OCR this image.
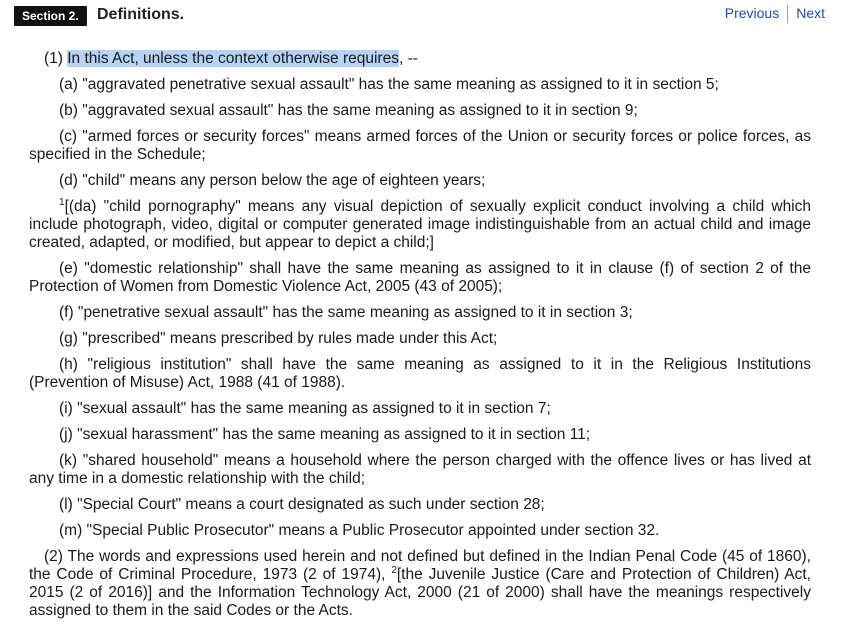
Section 2.	Definitions.	Previous Next

(1) In this Act, unless the context otherwise requires, --

(a) "aggravated penetrative sexual assault" has the same meaning as assigned to it in section 5;

(b) "aggravated sexual assault" has the same meaning as assigned to it in section 9;

(c) "armed forces or security forces" means armed forces of the Union or security forces or police forces, as specified in the Schedule;

(d) "child" means any person below the age of eighteen years;

$^1$[(da) "child pornography" means any visual depiction of sexually explicit conduct involving a child which include photograph, video, digital or computer generated image indistinguishable from an actual child and image created, adapted, or modified, but appear to depict a child;]

(e) "domestic relationship" shall have the same meaning as assigned to it in clause (f) of section 2 of the Protection of Women from Domestic Violence Act, 2005 (43 of 2005);

(f) "penetrative sexual assault" has the same meaning as assigned to it in section 3;

(g) "prescribed" means prescribed by rules made under this Act;

(h) "religious institution" shall have the same meaning as assigned to it in the Religious Institutions (Prevention of Misuse) Act, 1988 (41 of 1988).

(i) "sexual assault" has the same meaning as assigned to it in section 7;

(j) "sexual harassment" has the same meaning as assigned to it in section 11;

(k) "shared household" means a household where the person charged with the offence lives or has lived at any time in a domestic relationship with the child;

(l) "Special Court" means a court designated as such under section 28;

(m) "Special Public Prosecutor" means a Public Prosecutor appointed under section 32.

(2) The words and expressions used herein and not defined but defined in the Indian Penal Code (45 of 1860), the Code of Criminal Procedure, 1973 (2 of 1974), $^2$[the Juvenile Justice (Care and Protection of Children) Act, 2015 (2 of 2016)] and the Information Technology Act, 2000 (21 of 2000) shall have the meanings respectively assigned to them in the said Codes or the Acts.
